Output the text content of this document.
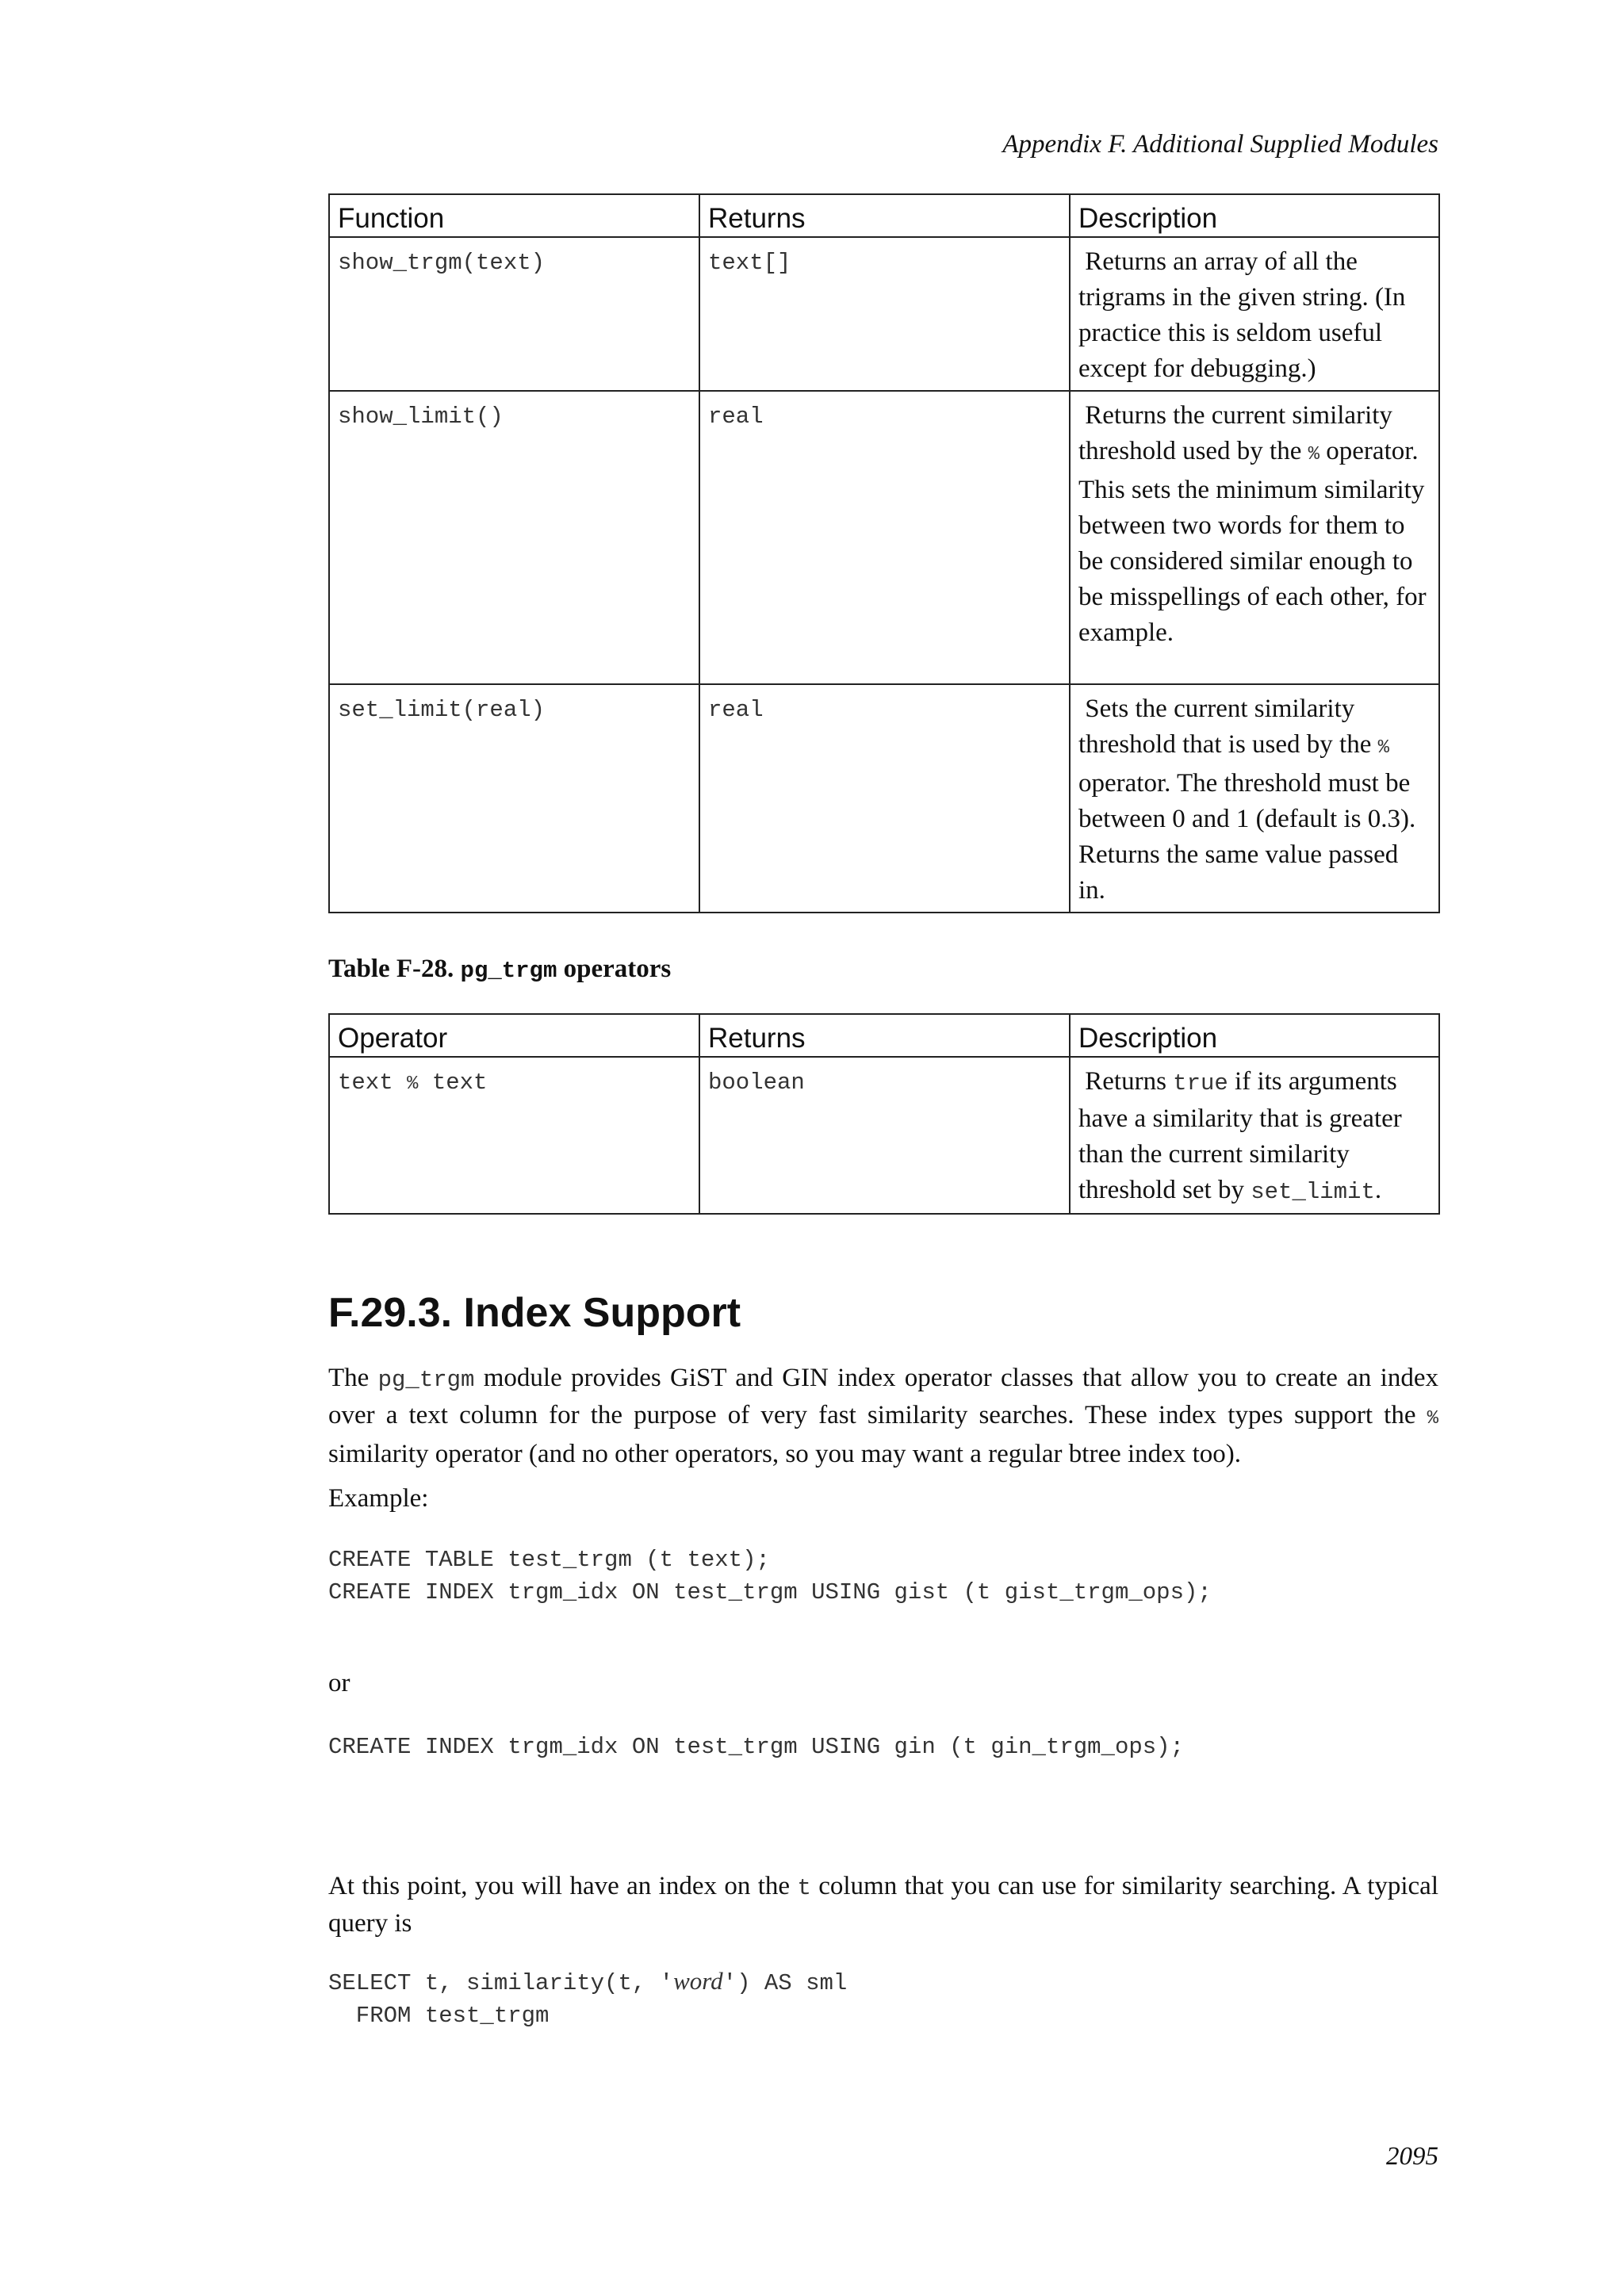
Appendix F. Additional Supplied Modules
Function	Returns	Description
show_trgm(text)	text[]	Returns an array of all the trigrams in the given string. (In practice this is seldom useful except for debugging.)
show_limit()	real	Returns the current similarity threshold used by the % operator. This sets the minimum similarity between two words for them to be considered similar enough to be misspellings of each other, for example.
set_limit(real)	real	Sets the current similarity threshold that is used by the % operator. The threshold must be between 0 and 1 (default is 0.3). Returns the same value passed in.
Table F-28. pg_trgm operators
Operator	Returns	Description
text % text	boolean	Returns true if its arguments have a similarity that is greater than the current similarity threshold set by set_limit.
F.29.3. Index Support

The pg_trgm module provides GiST and GIN index operator classes that allow you to create an index over a text column for the purpose of very fast similarity searches. These index types support the % similarity operator (and no other operators, so you may want a regular btree index too).

Example:

CREATE TABLE test_trgm (t text);
CREATE INDEX trgm_idx ON test_trgm USING gist (t gist_trgm_ops);

or

CREATE INDEX trgm_idx ON test_trgm USING gin (t gin_trgm_ops);

At this point, you will have an index on the t column that you can use for similarity searching. A typical query is

SELECT t, similarity(t, 'word') AS sml
FROM test_trgm
2095
